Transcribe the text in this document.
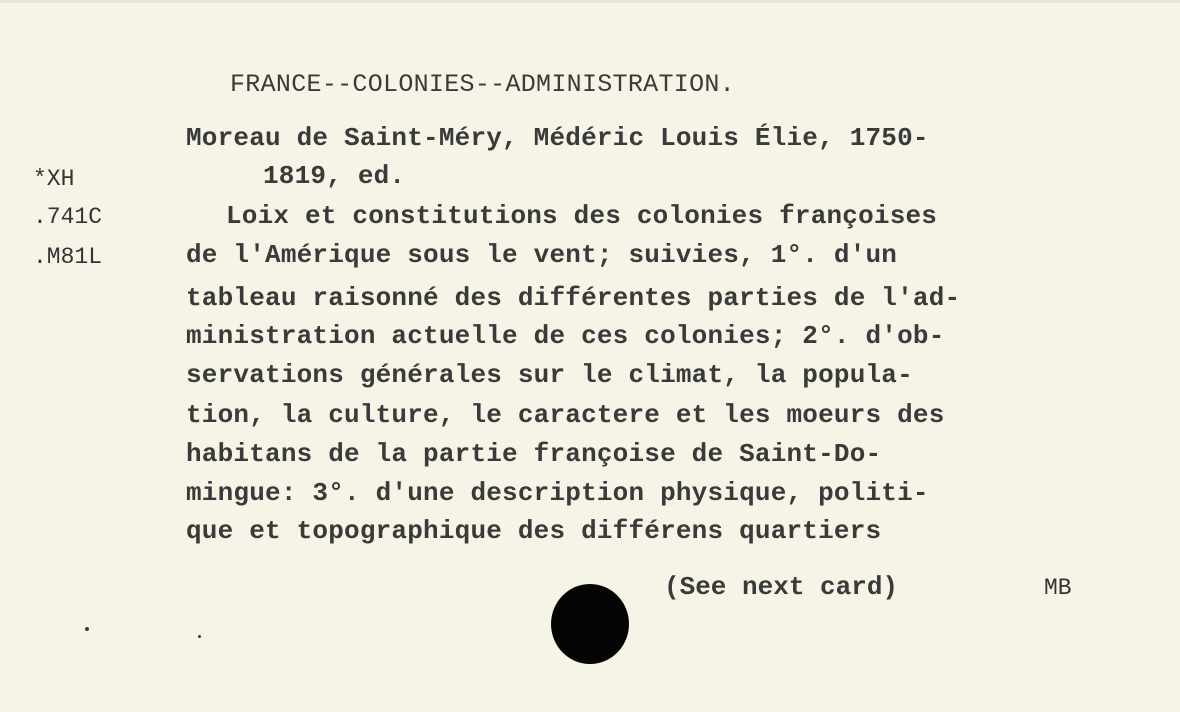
FRANCE--COLONIES--ADMINISTRATION.
*XH
.741C
.M81L
Moreau de Saint-Méry, Médéric Louis Élie, 1750-
1819, ed.
Loix et constitutions des colonies françoises
de l'Amérique sous le vent; suivies, 1°. d'un
tableau raisonné des différentes parties de l'ad-
ministration actuelle de ces colonies; 2°. d'ob-
servations générales sur le climat, la popula-
tion, la culture, le caractere et les moeurs des
habitans de la partie françoise de Saint-Do-
mingue: 3°. d'une description physique, politi-
que et topographique des différens quartiers
(See next card)	MB
